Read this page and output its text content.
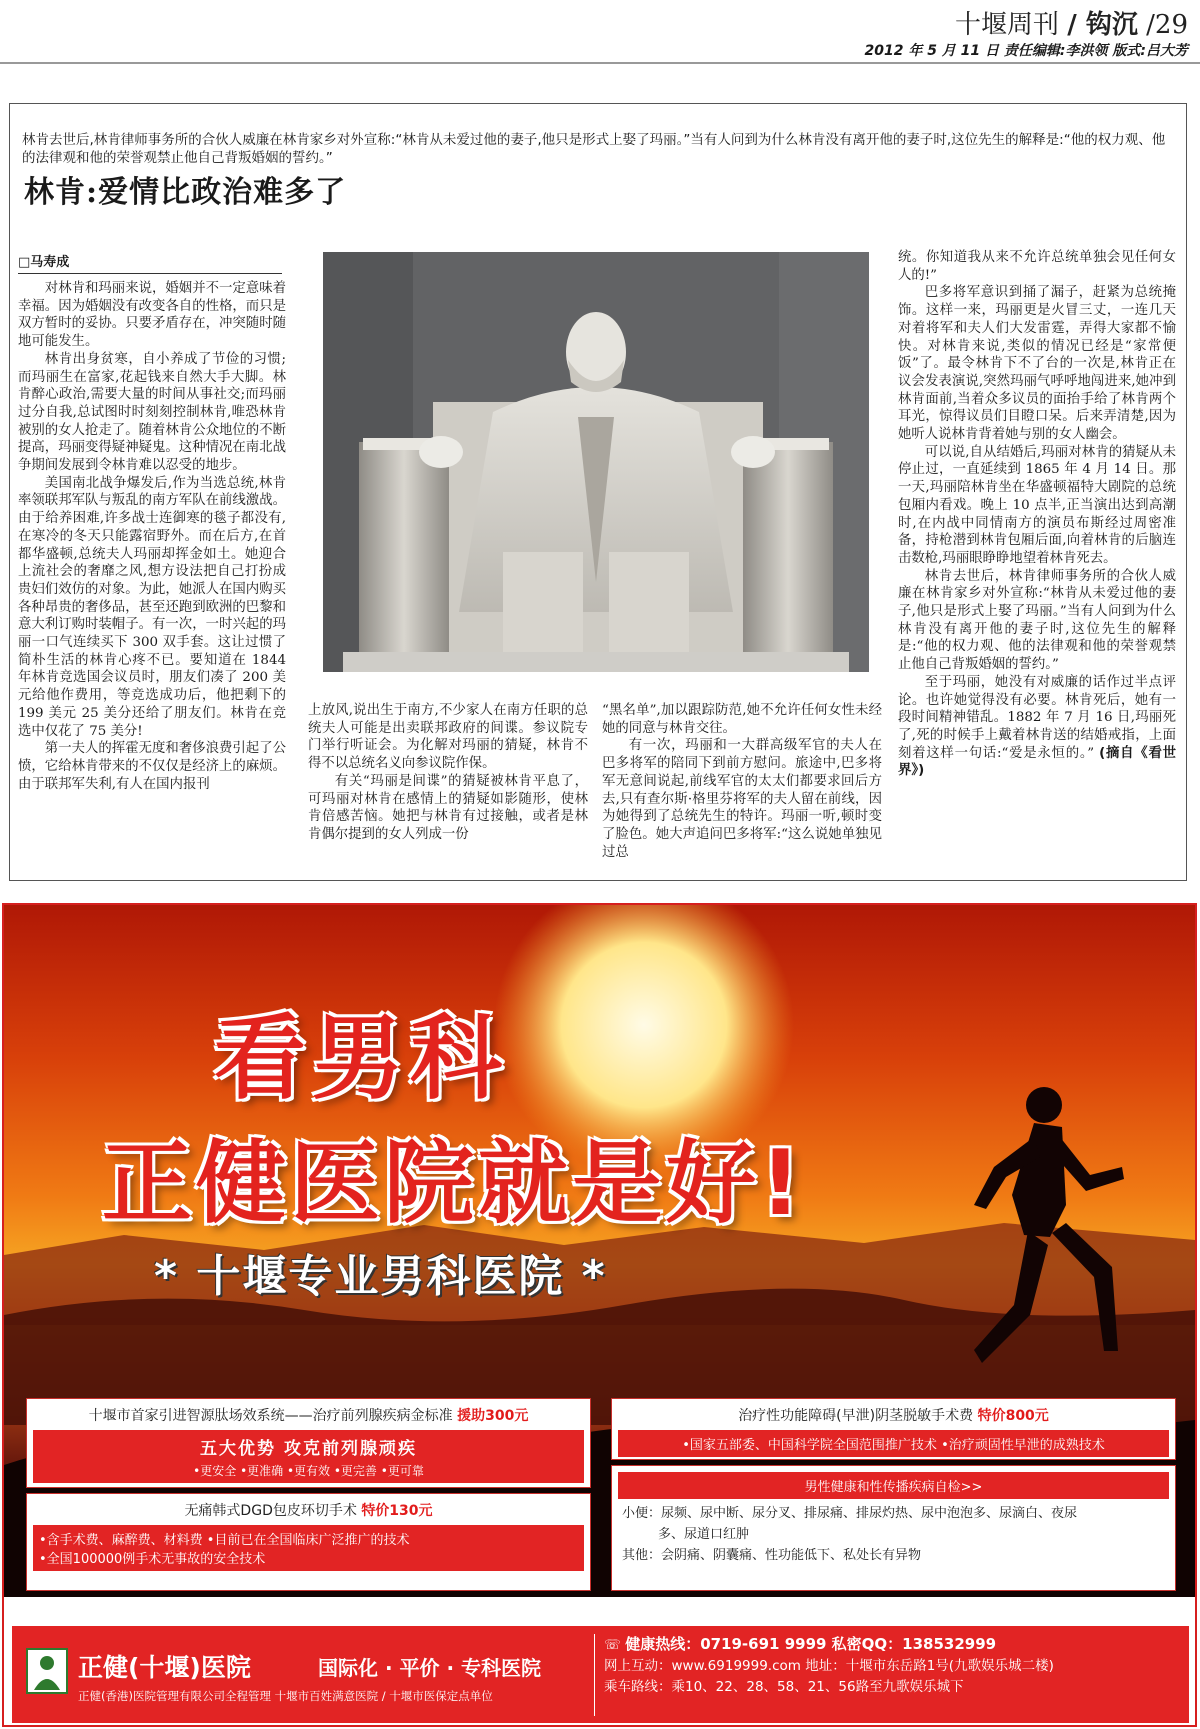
十堰周刊 / 钩沉 /29
2012 年 5 月 11 日 责任编辑:李洪领 版式:吕大芳
林肯去世后,林肯律师事务所的合伙人威廉在林肯家乡对外宣称:“林肯从未爱过他的妻子,他只是形式上娶了玛丽。”当有人问到为什么林肯没有离开他的妻子时,这位先生的解释是:“他的权力观、他的法律观和他的荣誉观禁止他自己背叛婚姻的誓约。”
林肯:爱情比政治难多了
□马寿成

对林肯和玛丽来说，婚姻并不一定意味着幸福。因为婚姻没有改变各自的性格，而只是双方暂时的妥协。只要矛盾存在，冲突随时随地可能发生。

林肯出身贫寒，自小养成了节俭的习惯;而玛丽生在富家,花起钱来自然大手大脚。林肯醉心政治,需要大量的时间从事社交;而玛丽过分自我,总试图时时刻刻控制林肯,唯恐林肯被别的女人抢走了。随着林肯公众地位的不断提高，玛丽变得疑神疑鬼。这种情况在南北战争期间发展到令林肯难以忍受的地步。

美国南北战争爆发后,作为当选总统,林肯率领联邦军队与叛乱的南方军队在前线激战。由于给养困难,许多战士连御寒的毯子都没有,在寒冷的冬天只能露宿野外。而在后方,在首都华盛顿,总统夫人玛丽却挥金如土。她迎合上流社会的奢靡之风,想方设法把自己打扮成贵妇们效仿的对象。为此，她派人在国内购买各种昂贵的奢侈品，甚至还跑到欧洲的巴黎和意大利订购时装帽子。有一次，一时兴起的玛丽一口气连续买下 300 双手套。这让过惯了简朴生活的林肯心疼不已。要知道在 1844 年林肯竞选国会议员时，朋友们凑了 200 美元给他作费用，等竞选成功后，他把剩下的 199 美元 25 美分还给了朋友们。林肯在竞选中仅花了 75 美分!

第一夫人的挥霍无度和奢侈浪费引起了公愤，它给林肯带来的不仅仅是经济上的麻烦。由于联邦军失利,有人在国内报刊

上放风,说出生于南方,不少家人在南方任职的总统夫人可能是出卖联邦政府的间谍。参议院专门举行听证会。为化解对玛丽的猜疑，林肯不得不以总统名义向参议院作保。

有关“玛丽是间谍”的猜疑被林肯平息了，可玛丽对林肯在感情上的猜疑如影随形，使林肯倍感苦恼。她把与林肯有过接触，或者是林肯偶尔提到的女人列成一份

“黑名单”,加以跟踪防范,她不允许任何女性未经她的同意与林肯交往。

有一次，玛丽和一大群高级军官的夫人在巴多将军的陪同下到前方慰问。旅途中,巴多将军无意间说起,前线军官的太太们都要求回后方去,只有查尔斯·格里芬将军的夫人留在前线，因为她得到了总统先生的特许。玛丽一听,顿时变了脸色。她大声追问巴多将军:“这么说她单独见过总

统。你知道我从来不允许总统单独会见任何女人的!”

巴多将军意识到捅了漏子，赶紧为总统掩饰。这样一来，玛丽更是火冒三丈，一连几天对着将军和夫人们大发雷霆，弄得大家都不愉快。对林肯来说,类似的情况已经是“家常便饭”了。最令林肯下不了台的一次是,林肯正在议会发表演说,突然玛丽气呼呼地闯进来,她冲到林肯面前,当着众多议员的面抬手给了林肯两个耳光，惊得议员们目瞪口呆。后来弄清楚,因为她听人说林肯背着她与别的女人幽会。

可以说,自从结婚后,玛丽对林肯的猜疑从未停止过，一直延续到 1865 年 4 月 14 日。那一天,玛丽陪林肯坐在华盛顿福特大剧院的总统包厢内看戏。晚上 10 点半,正当演出达到高潮时,在内战中同情南方的演员布斯经过周密准备，持枪潜到林肯包厢后面,向着林肯的后脑连击数枪,玛丽眼睁睁地望着林肯死去。

林肯去世后，林肯律师事务所的合伙人威廉在林肯家乡对外宣称:“林肯从未爱过他的妻子,他只是形式上娶了玛丽。”当有人问到为什么林肯没有离开他的妻子时,这位先生的解释是:“他的权力观、他的法律观和他的荣誉观禁止他自己背叛婚姻的誓约。”

至于玛丽，她没有对威廉的话作过半点评论。也许她觉得没有必要。林肯死后，她有一段时间精神错乱。1882 年 7 月 16 日,玛丽死了,死的时候手上戴着林肯送的结婚戒指，上面刻着这样一句话:“爱是永恒的。” (摘自《看世界》)

看男科
正健医院就是好!
* 十堰专业男科医院 *
十堰市首家引进智源肽场效系统——治疗前列腺疾病金标准 援助300元
五大优势 攻克前列腺顽疾
•更安全 •更准确 •更有效 •更完善 •更可靠
无痛韩式DGD包皮环切手术 特价130元
•含手术费、麻醉费、材料费 •目前已在全国临床广泛推广的技术
•全国100000例手术无事故的安全技术
治疗性功能障碍(早泄)阴茎脱敏手术费 特价800元
•国家五部委、中国科学院全国范围推广技术 •治疗顽固性早泄的成熟技术
男性健康和性传播疾病自检>>
小便：尿频、尿中断、尿分叉、排尿痛、排尿灼热、尿中泡泡多、尿滴白、夜尿
多、尿道口红肿
其他：会阴痛、阴囊痛、性功能低下、私处长有异物
正健(十堰)医院	国际化 · 平价 · 专科医院
正健(香港)医院管理有限公司全程管理 十堰市百姓满意医院 / 十堰市医保定点单位
☏ 健康热线：0719-691 9999 私密QQ：138532999
网上互动：www.6919999.com 地址：十堰市东岳路1号(九歌娱乐城二楼)
乘车路线：乘10、22、28、58、21、56路至九歌娱乐城下
